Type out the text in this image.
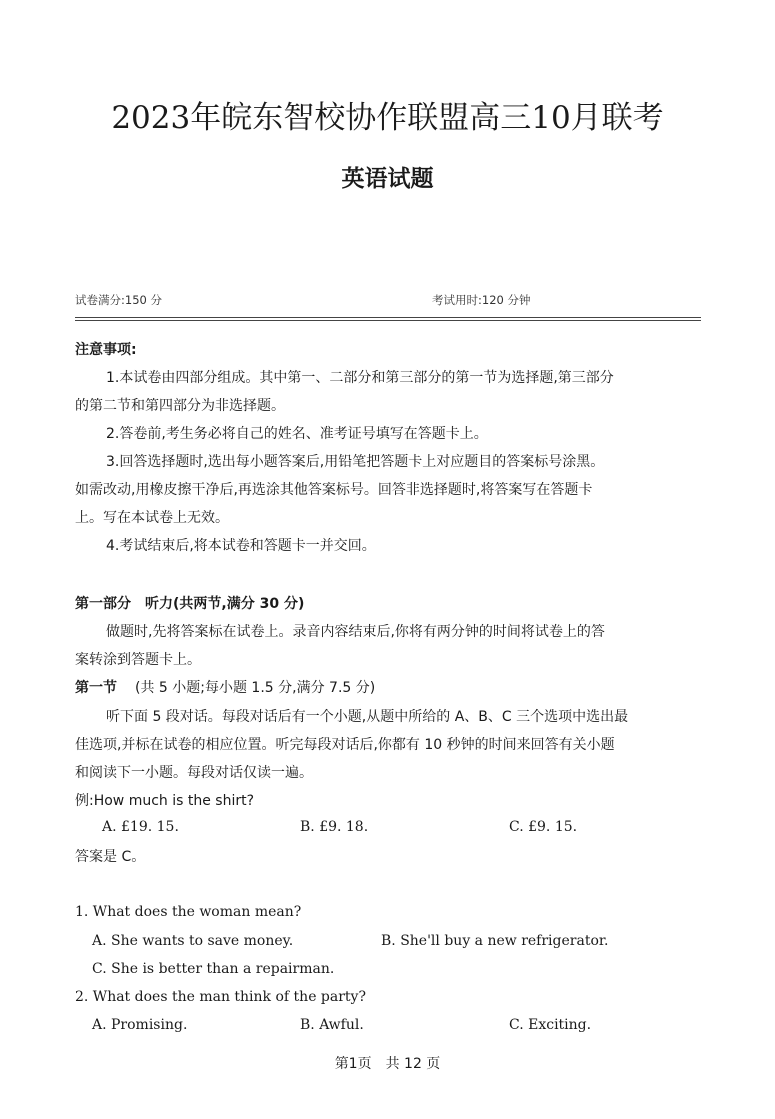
2023年皖东智校协作联盟高三10月联考
英语试题
试卷满分:150 分	考试用时:120 分钟
注意事项:
1.本试卷由四部分组成。其中第一、二部分和第三部分的第一节为选择题,第三部分
的第二节和第四部分为非选择题。
2.答卷前,考生务必将自己的姓名、准考证号填写在答题卡上。
3.回答选择题时,选出每小题答案后,用铅笔把答题卡上对应题目的答案标号涂黑。
如需改动,用橡皮擦干净后,再选涂其他答案标号。回答非选择题时,将答案写在答题卡
上。写在本试卷上无效。
4.考试结束后,将本试卷和答题卡一并交回。
第一部分　听力(共两节,满分 30 分)
做题时,先将答案标在试卷上。录音内容结束后,你将有两分钟的时间将试卷上的答
案转涂到答题卡上。
第一节 (共 5 小题;每小题 1.5 分,满分 7.5 分)
听下面 5 段对话。每段对话后有一个小题,从题中所给的 A、B、C 三个选项中选出最
佳选项,并标在试卷的相应位置。听完每段对话后,你都有 10 秒钟的时间来回答有关小题
和阅读下一小题。每段对话仅读一遍。
例:How much is the shirt?
A. £19. 15.	B. £9. 18.	C. £9. 15.
答案是 C。
1. What does the woman mean?
A. She wants to save money.	B. She'll buy a new refrigerator.
C. She is better than a repairman.
2. What does the man think of the party?
A. Promising.	B. Awful.	C. Exciting.
第1页　共 12 页
